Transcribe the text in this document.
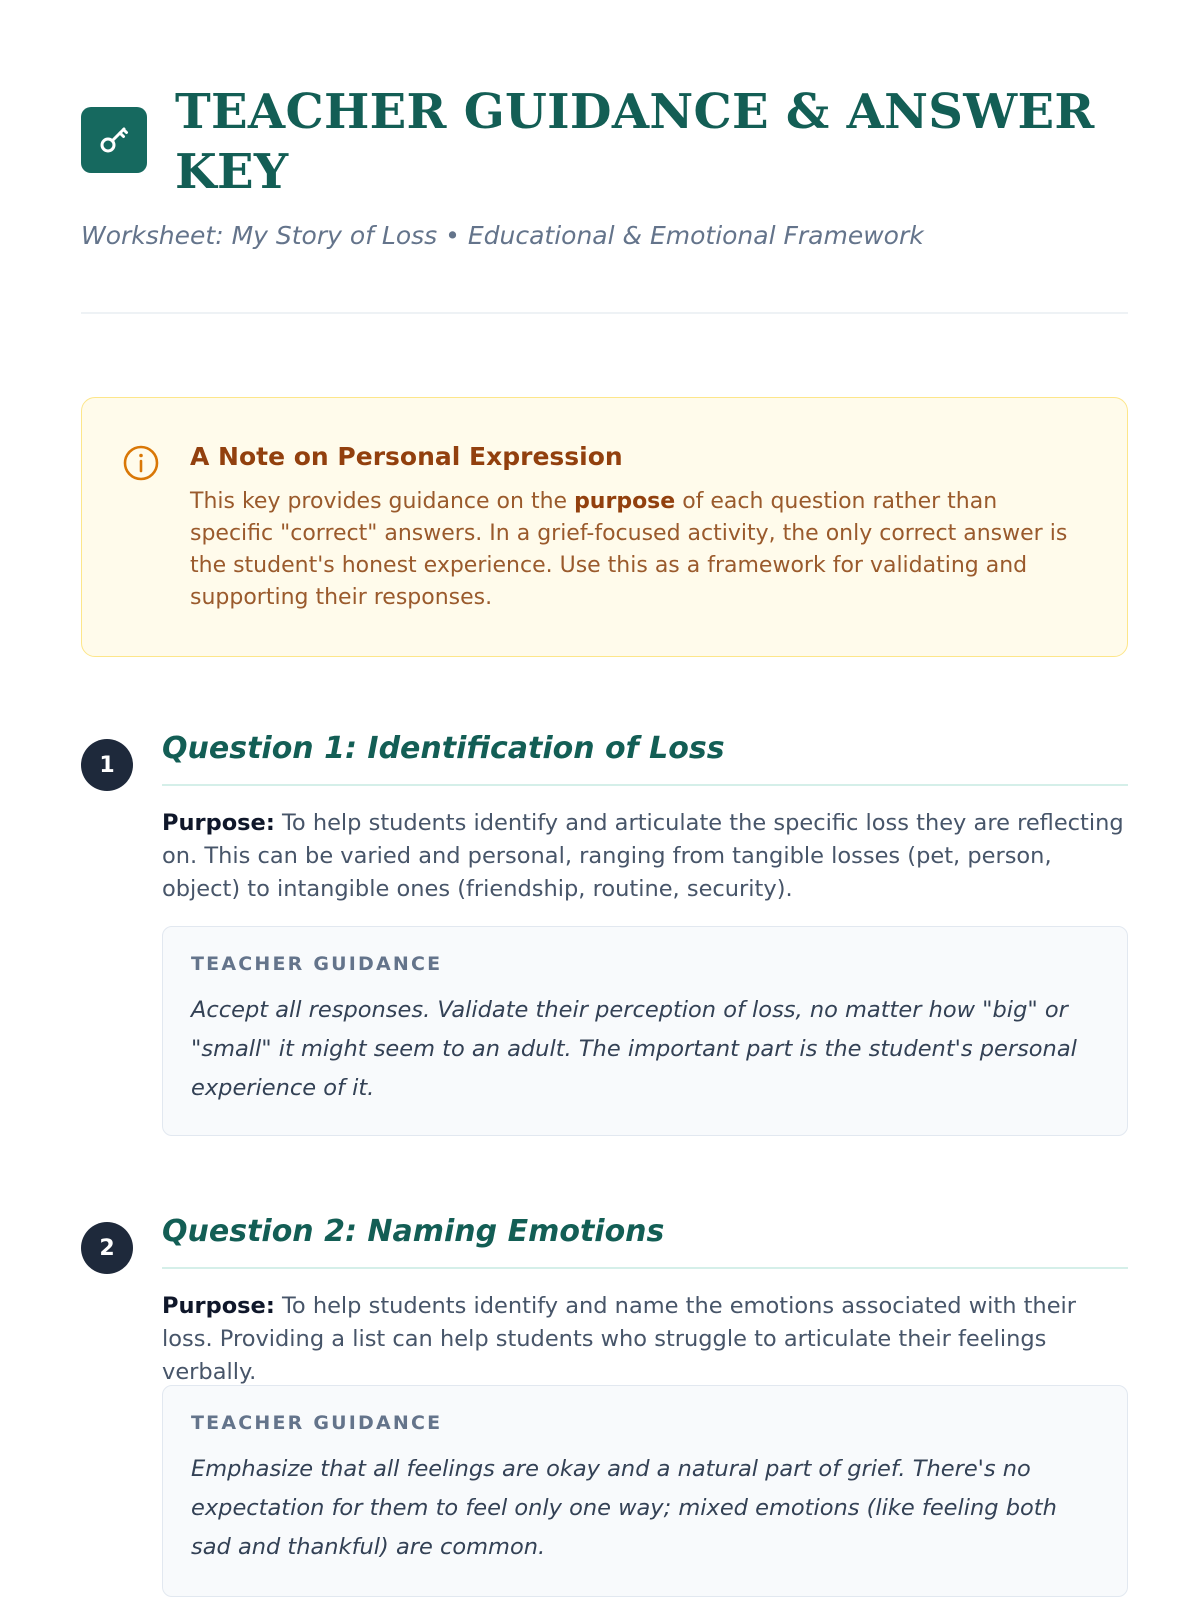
TEACHER GUIDANCE & ANSWER KEY
Worksheet: My Story of Loss • Educational & Emotional Framework
A Note on Personal Expression
This key provides guidance on the purpose of each question rather than specific "correct" answers. In a grief-focused activity, the only correct answer is the student's honest experience. Use this as a framework for validating and supporting their responses.
1	Question 1: Identification of Loss
Purpose: To help students identify and articulate the specific loss they are reflecting on. This can be varied and personal, ranging from tangible losses (pet, person, object) to intangible ones (friendship, routine, security).
TEACHER GUIDANCE
Accept all responses. Validate their perception of loss, no matter how "big" or "small" it might seem to an adult. The important part is the student's personal experience of it.
2	Question 2: Naming Emotions
Purpose: To help students identify and name the emotions associated with their loss. Providing a list can help students who struggle to articulate their feelings verbally.
TEACHER GUIDANCE
Emphasize that all feelings are okay and a natural part of grief. There's no expectation for them to feel only one way; mixed emotions (like feeling both sad and thankful) are common.
